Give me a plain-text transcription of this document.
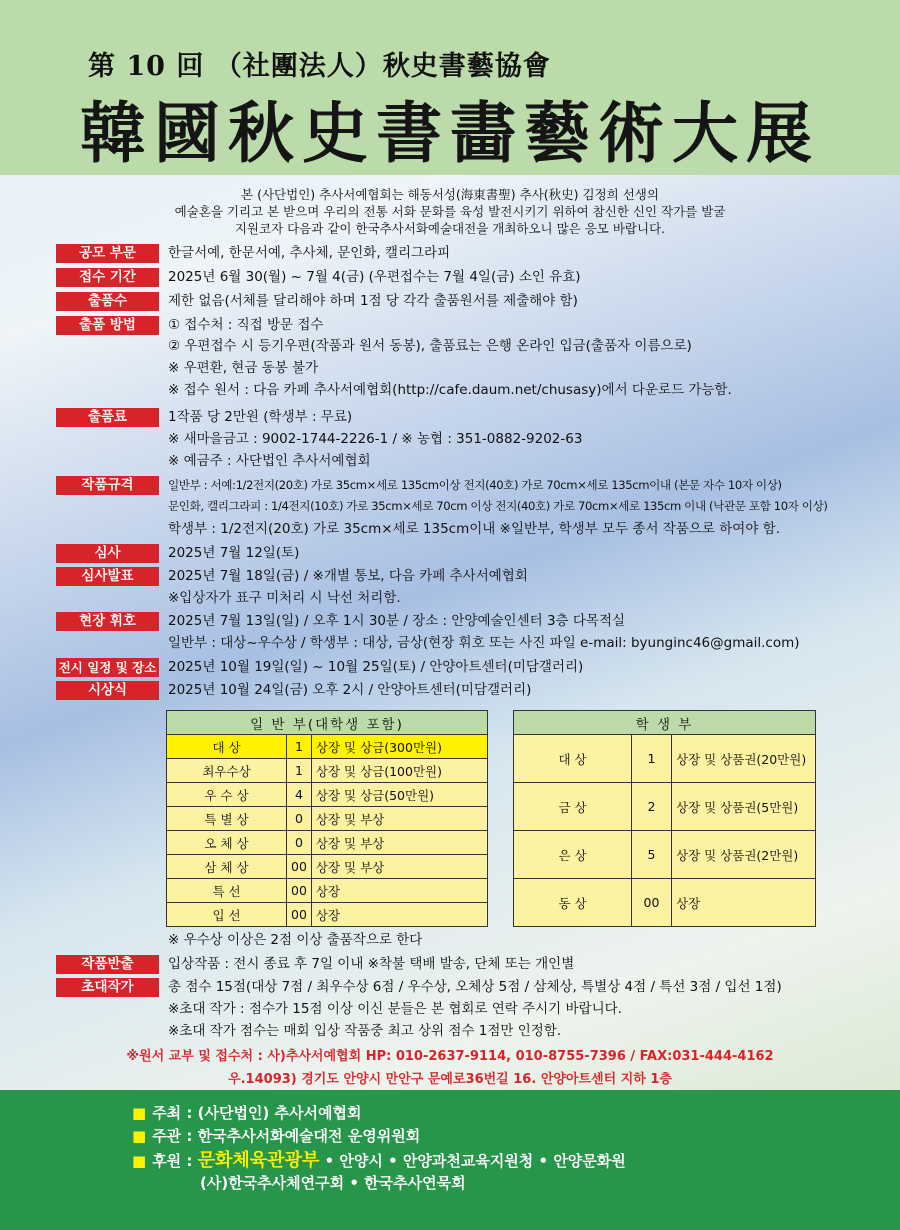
第 10 回 （社團法人）秋史書藝協會
韓國秋史書畵藝術大展
본 (사단법인) 추사서예협회는 해동서성(海東書聖) 추사(秋史) 김정희 선생의
예술혼을 기리고 본 받으며 우리의 전통 서화 문화를 육성 발전시키기 위하여 참신한 신인 작가를 발굴
지원코자 다음과 같이 한국추사서화예술대전을 개최하오니 많은 응모 바랍니다.
공모 부문	한글서예, 한문서예, 추사체, 문인화, 캘리그라피
접수 기간	2025년 6월 30(월) ~ 7월 4(금) (우편접수는 7월 4일(금) 소인 유효)
출품수	제한 없음(서체를 달리해야 하며 1점 당 각각 출품원서를 제출해야 함)
출품 방법	① 접수처 : 직접 방문 접수
② 우편접수 시 등기우편(작품과 원서 동봉), 출품료는 은행 온라인 입금(출품자 이름으로)
※ 우편환, 현금 동봉 불가
※ 접수 원서 : 다음 카페 추사서예협회(http://cafe.daum.net/chusasy)에서 다운로드 가능함.
출품료	1작품 당 2만원 (학생부 : 무료)
※ 새마을금고 : 9002-1744-2226-1 / ※ 농협 : 351-0882-9202-63
※ 예금주 : 사단법인 추사서예협회
작품규격	일반부 : 서예:1/2전지(20호) 가로 35cm×세로 135cm이상 전지(40호) 가로 70cm×세로 135cm이내 (본문 자수 10자 이상)
문인화, 캘리그라피 : 1/4전지(10호) 가로 35cm×세로 70cm 이상 전지(40호) 가로 70cm×세로 135cm 이내 (낙관문 포함 10자 이상)
학생부 : 1/2전지(20호) 가로 35cm×세로 135cm이내 ※일반부, 학생부 모두 종서 작품으로 하여야 함.
심사	2025년 7월 12일(토)
심사발표	2025년 7월 18일(금) / ※개별 통보, 다음 카페 추사서예협회
※입상자가 표구 미처리 시 낙선 처리함.
현장 휘호	2025년 7월 13일(일) / 오후 1시 30분 / 장소 : 안양예술인센터 3층 다목적실
일반부 : 대상~우수상 / 학생부 : 대상, 금상(현장 휘호 또는 사진 파일 e-mail: byunginc46@gmail.com)
전시 일정 및 장소 2025년 10월 19일(일) ~ 10월 25일(토) / 안양아트센터(미담갤러리)
시상식	2025년 10월 24일(금) 오후 2시 / 안양아트센터(미담갤러리)
일 반 부(대학생 포함)		
대 상	1	상장 및 상금(300만원)
최우수상	1	상장 및 상금(100만원)
우 수 상	4	상장 및 상금(50만원)
특 별 상	0	상장 및 부상
오 체 상	0	상장 및 부상
삼 체 상	00	상장 및 부상
특 선	00	상장
입 선	00	상장
학 생 부		
대 상	1	상장 및 상품권(20만원)
금 상	2	상장 및 상품권(5만원)
은 상	5	상장 및 상품권(2만원)
동 상	00	상장
※ 우수상 이상은 2점 이상 출품작으로 한다
작품반출	입상작품 : 전시 종료 후 7일 이내 ※착불 택배 발송, 단체 또는 개인별
초대작가	총 점수 15점(대상 7점 / 최우수상 6점 / 우수상, 오체상 5점 / 삼체상, 특별상 4점 / 특선 3점 / 입선 1점)
※초대 작가 : 점수가 15점 이상 이신 분들은 본 협회로 연락 주시기 바랍니다.
※초대 작가 점수는 매회 입상 작품중 최고 상위 점수 1점만 인정함.
※원서 교부 및 접수처 : 사)추사서예협회 HP: 010-2637-9114, 010-8755-7396 / FAX:031-444-4162
우.14093) 경기도 안양시 만안구 문예로36번길 16. 안양아트센터 지하 1층
■ 주최 : (사단법인) 추사서예협회
■ 주관 : 한국추사서화예술대전 운영위원회
■ 후원 : 문화체육관광부 • 안양시 • 안양과천교육지원청 • 안양문화원
(사)한국추사체연구회 • 한국추사연묵회
